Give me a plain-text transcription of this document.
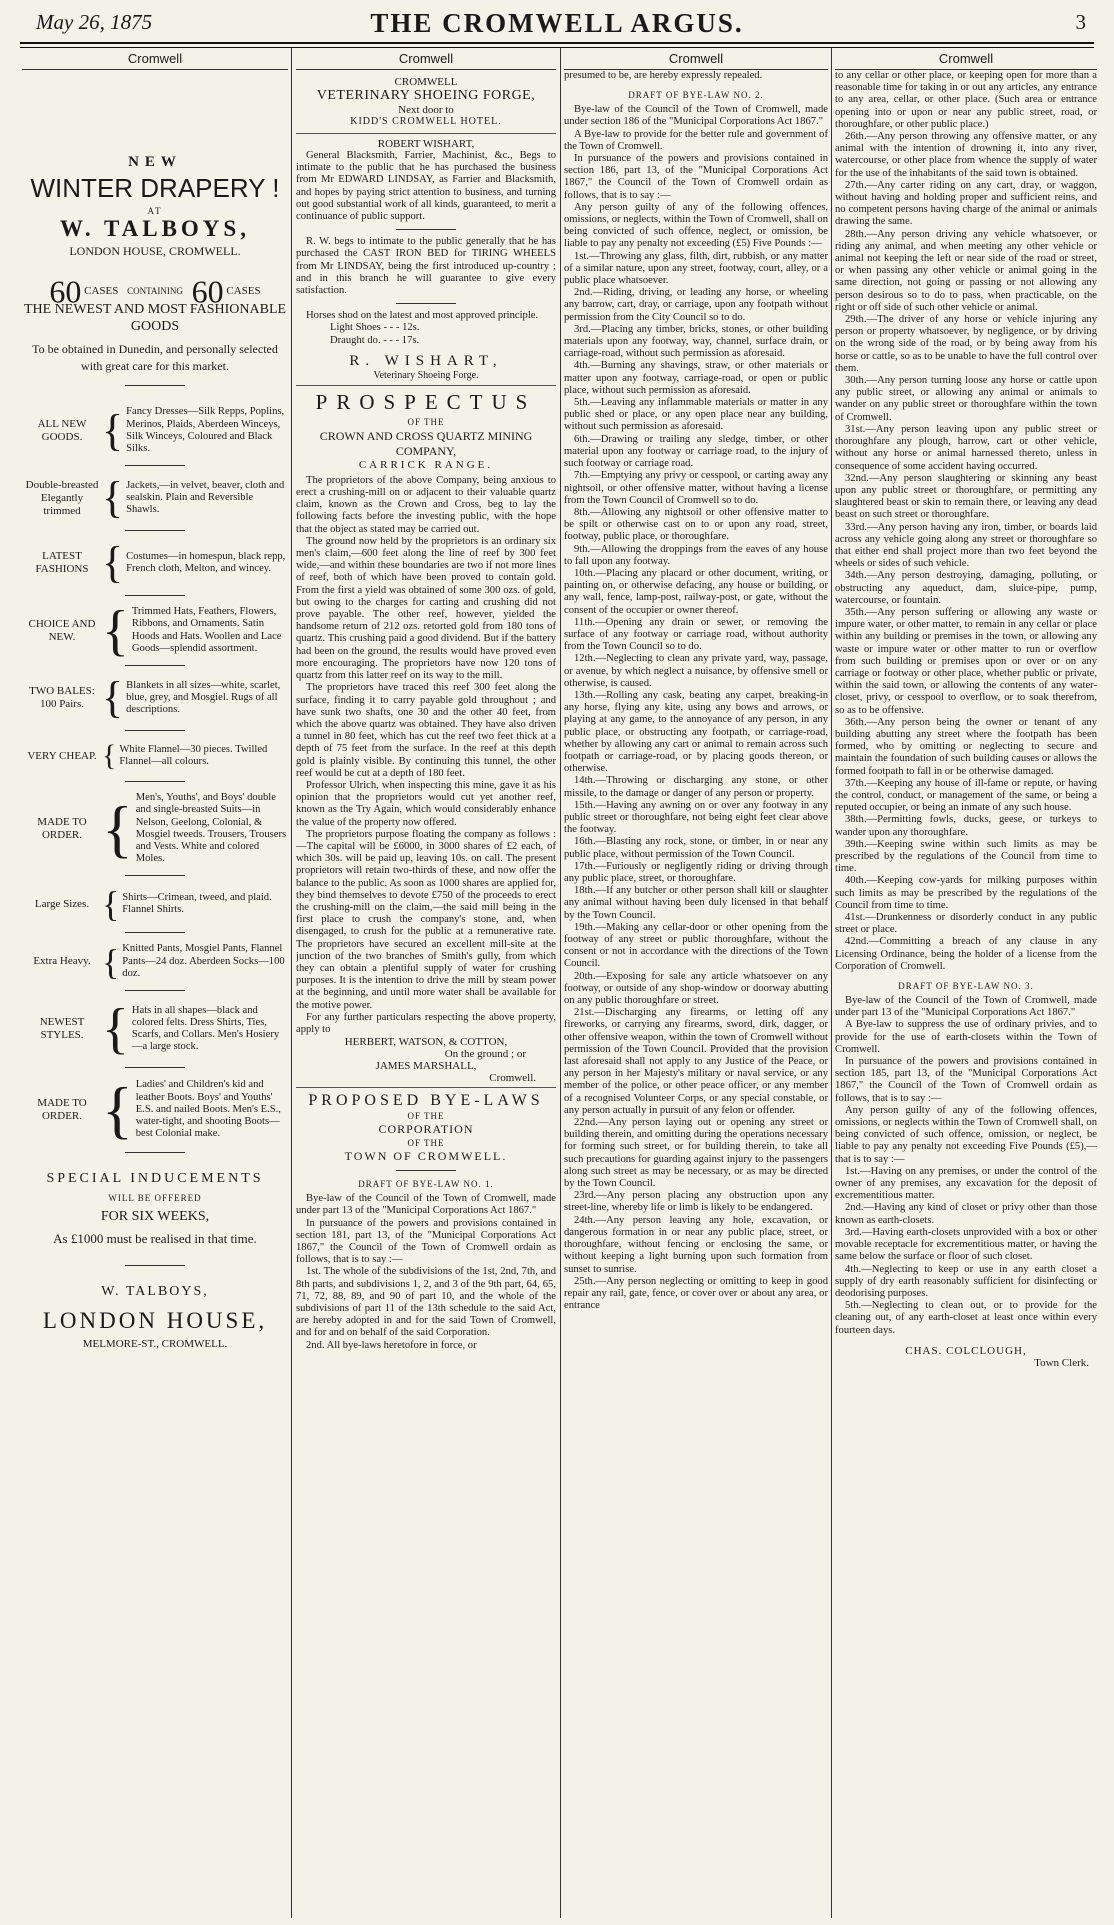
May 26, 1875	THE CROMWELL ARGUS.	3
Cromwell
NEW
WINTER DRAPERY !
AT
W. TALBOYS,
LONDON HOUSE, CROMWELL.
60 CASES CONTAINING 60 CASES
THE NEWEST AND MOST FASHIONABLE GOODS
To be obtained in Dunedin, and personally selected with great care for this market.
ALL NEW GOODS. { Fancy Dresses—Silk Repps, Poplins, Merinos, Plaids, Aberdeen Winceys, Silk Winceys, Coloured and Black Silks.
Double-breasted Elegantly trimmed { Jackets,—in velvet, beaver, cloth and sealskin. Plain and Reversible Shawls.
LATEST FASHIONS { Costumes—in homespun, black repp, French cloth, Melton, and wincey.
CHOICE AND NEW. { Trimmed Hats, Feathers, Flowers, Ribbons, and Ornaments. Satin Hoods and Hats. Woollen and Lace Goods—splendid assortment.
TWO BALES: 100 Pairs. { Blankets in all sizes—white, scarlet, blue, grey, and Mosgiel. Rugs of all descriptions.
VERY CHEAP. { White Flannel—30 pieces. Twilled Flannel—all colours.
MADE TO ORDER. { Men's, Youths', and Boys' double and single-breasted Suits—in Nelson, Geelong, Colonial, & Mosgiel tweeds. Trousers, Trousers and Vests. White and colored Moles.
Large Sizes. { Shirts—Crimean, tweed, and plaid. Flannel Shirts.
Extra Heavy. { Knitted Pants, Mosgiel Pants, Flannel Pants—24 doz. Aberdeen Socks—100 doz.
NEWEST STYLES. { Hats in all shapes—black and colored felts. Dress Shirts, Ties, Scarfs, and Collars. Men's Hosiery—a large stock.
MADE TO ORDER. { Ladies' and Children's kid and leather Boots. Boys' and Youths' E.S. and nailed Boots. Men's E.S., water-tight, and shooting Boots—best Colonial make.
SPECIAL INDUCEMENTS
WILL BE OFFERED
FOR SIX WEEKS,
As £1000 must be realised in that time.
W. TALBOYS,
LONDON HOUSE,
MELMORE-ST., CROMWELL.
Cromwell
CROMWELL
VETERINARY SHOEING FORGE,
Next door to
KIDD'S CROMWELL HOTEL.
ROBERT WISHART,

General Blacksmith, Farrier, Machinist, &c., Begs to intimate to the public that he has purchased the business from Mr EDWARD LINDSAY, as Farrier and Blacksmith, and hopes by paying strict attention to business, and turning out good substantial work of all kinds, guaranteed, to merit a continuance of public support.

R. W. begs to intimate to the public generally that he has purchased the CAST IRON BED for TIRING WHEELS from Mr LINDSAY, being the first introduced up-country ; and in this branch he will guarantee to give every satisfaction.

Horses shod on the latest and most approved principle.

Light Shoes - - - 12s.

Draught do. - - - 17s.

R. WISHART,
Veterinary Shoeing Forge.
PROSPECTUS
OF THE
CROWN AND CROSS QUARTZ MINING COMPANY,
CARRICK RANGE.

The proprietors of the above Company, being anxious to erect a crushing-mill on or adjacent to their valuable quartz claim, known as the Crown and Cross, beg to lay the following facts before the investing public, with the hope that the object as stated may be carried out.

The ground now held by the proprietors is an ordinary six men's claim,—600 feet along the line of reef by 300 feet wide,—and within these boundaries are two if not more lines of reef, both of which have been proved to contain gold. From the first a yield was obtained of some 300 ozs. of gold, but owing to the charges for carting and crushing did not prove payable. The other reef, however, yielded the handsome return of 212 ozs. retorted gold from 180 tons of quartz. This crushing paid a good dividend. But if the battery had been on the ground, the results would have proved even more encouraging. The proprietors have now 120 tons of quartz from this latter reef on its way to the mill.

The proprietors have traced this reef 300 feet along the surface, finding it to carry payable gold throughout ; and have sunk two shafts, one 30 and the other 40 feet, from which the above quartz was obtained. They have also driven a tunnel in 80 feet, which has cut the reef two feet thick at a depth of 75 feet from the surface. In the reef at this depth gold is plainly visible. By continuing this tunnel, the other reef would be cut at a depth of 180 feet.

Professor Ulrich, when inspecting this mine, gave it as his opinion that the proprietors would cut yet another reef, known as the Try Again, which would considerably enhance the value of the property now offered.

The proprietors purpose floating the company as follows :—The capital will be £6000, in 3000 shares of £2 each, of which 30s. will be paid up, leaving 10s. on call. The present proprietors will retain two-thirds of these, and now offer the balance to the public. As soon as 1000 shares are applied for, they bind themselves to devote £750 of the proceeds to erect the crushing-mill on the claim,—the said mill being in the first place to crush the company's stone, and, when disengaged, to crush for the public at a remunerative rate. The proprietors have secured an excellent mill-site at the junction of the two branches of Smith's gully, from which they can obtain a plentiful supply of water for crushing purposes. It is the intention to drive the mill by steam power at the beginning, and until more water shall be available for the motive power.

For any further particulars respecting the above property, apply to

HERBERT, WATSON, & COTTON,
On the ground ; or
JAMES MARSHALL,
Cromwell.
PROPOSED BYE-LAWS
OF THE
CORPORATION
OF THE
TOWN OF CROMWELL.
DRAFT OF BYE-LAW NO. 1.

Bye-law of the Council of the Town of Cromwell, made under part 13 of the "Municipal Corporations Act 1867."

In pursuance of the powers and provisions contained in section 181, part 13, of the "Municipal Corporations Act 1867," the Council of the Town of Cromwell ordain as follows, that is to say :—

1st. The whole of the subdivisions of the 1st, 2nd, 7th, and 8th parts, and subdivisions 1, 2, and 3 of the 9th part, 64, 65, 71, 72, 88, 89, and 90 of part 10, and the whole of the subdivisions of part 11 of the 13th schedule to the said Act, are hereby adopted in and for the said Town of Cromwell, and for and on behalf of the said Corporation.

2nd. All bye-laws heretofore in force, or

Cromwell

presumed to be, are hereby expressly repealed.

DRAFT OF BYE-LAW NO. 2.

Bye-law of the Council of the Town of Cromwell, made under section 186 of the "Municipal Corporations Act 1867."

A Bye-law to provide for the better rule and government of the Town of Cromwell.

In pursuance of the powers and provisions contained in section 186, part 13, of the "Municipal Corporations Act 1867," the Council of the Town of Cromwell ordain as follows, that is to say :—

Any person guilty of any of the following offences, omissions, or neglects, within the Town of Cromwell, shall on being convicted of such offence, neglect, or omission, be liable to pay any penalty not exceeding (£5) Five Pounds :—

1st.—Throwing any glass, filth, dirt, rubbish, or any matter of a similar nature, upon any street, footway, court, alley, or a public place whatsoever.

2nd.—Riding, driving, or leading any horse, or wheeling any barrow, cart, dray, or carriage, upon any footpath without permission from the City Council so to do.

3rd.—Placing any timber, bricks, stones, or other building materials upon any footway, way, channel, surface drain, or carriage-road, without such permission as aforesaid.

4th.—Burning any shavings, straw, or other materials or matter upon any footway, carriage-road, or open or public place, without such permission as aforesaid.

5th.—Leaving any inflammable materials or matter in any public shed or place, or any open place near any building, without such permission as aforesaid.

6th.—Drawing or trailing any sledge, timber, or other material upon any footway or carriage road, to the injury of such footway or carriage road.

7th.—Emptying any privy or cesspool, or carting away any nightsoil, or other offensive matter, without having a license from the Town Council of Cromwell so to do.

8th.—Allowing any nightsoil or other offensive matter to be spilt or otherwise cast on to or upon any road, street, footway, public place, or thoroughfare.

9th.—Allowing the droppings from the eaves of any house to fall upon any footway.

10th.—Placing any placard or other document, writing, or painting on, or otherwise defacing, any house or building, or any wall, fence, lamp-post, railway-post, or gate, without the consent of the occupier or owner thereof.

11th.—Opening any drain or sewer, or removing the surface of any footway or carriage road, without authority from the Town Council so to do.

12th.—Neglecting to clean any private yard, way, passage, or avenue, by which neglect a nuisance, by offensive smell or otherwise, is caused.

13th.—Rolling any cask, beating any carpet, breaking-in any horse, flying any kite, using any bows and arrows, or playing at any game, to the annoyance of any person, in any public place, or obstructing any footpath, or carriage-road, whether by allowing any cart or animal to remain across such footpath or carriage-road, or by placing goods thereon, or otherwise.

14th.—Throwing or discharging any stone, or other missile, to the damage or danger of any person or property.

15th.—Having any awning on or over any footway in any public street or thoroughfare, not being eight feet clear above the footway.

16th.—Blasting any rock, stone, or timber, in or near any public place, without permission of the Town Council.

17th.—Furiously or negligently riding or driving through any public place, street, or thoroughfare.

18th.—If any butcher or other person shall kill or slaughter any animal without having been duly licensed in that behalf by the Town Council.

19th.—Making any cellar-door or other opening from the footway of any street or public thoroughfare, without the consent or not in accordance with the directions of the Town Council.

20th.—Exposing for sale any article whatsoever on any footway, or outside of any shop-window or doorway abutting on any public thoroughfare or street.

21st.—Discharging any firearms, or letting off any fireworks, or carrying any firearms, sword, dirk, dagger, or other offensive weapon, within the town of Cromwell without permission of the Town Council. Provided that the provision last aforesaid shall not apply to any Justice of the Peace, or any person in her Majesty's military or naval service, or any member of the police, or other peace officer, or any member of a recognised Volunteer Corps, or any special constable, or any person actually in pursuit of any felon or offender.

22nd.—Any person laying out or opening any street or building therein, and omitting during the operations necessary for forming such street, or for building therein, to take all such precautions for guarding against injury to the passengers along such street as may be necessary, or as may be directed by the Town Council.

23rd.—Any person placing any obstruction upon any street-line, whereby life or limb is likely to be endangered.

24th.—Any person leaving any hole, excavation, or dangerous formation in or near any public place, street, or thoroughfare, without fencing or enclosing the same, or without keeping a light burning upon such formation from sunset to sunrise.

25th.—Any person neglecting or omitting to keep in good repair any rail, gate, fence, or cover over or about any area, or entrance

Cromwell

to any cellar or other place, or keeping open for more than a reasonable time for taking in or out any articles, any entrance to any area, cellar, or other place. (Such area or entrance opening into or upon or near any public street, road, or thoroughfare, or other public place.)

26th.—Any person throwing any offensive matter, or any animal with the intention of drowning it, into any river, watercourse, or other place from whence the supply of water for the use of the inhabitants of the said town is obtained.

27th.—Any carter riding on any cart, dray, or waggon, without having and holding proper and sufficient reins, and no competent persons having charge of the animal or animals drawing the same.

28th.—Any person driving any vehicle whatsoever, or riding any animal, and when meeting any other vehicle or animal not keeping the left or near side of the road or street, or when passing any other vehicle or animal going in the same direction, not going or passing or not allowing any person desirous so to do to pass, when practicable, on the right or off side of such other vehicle or animal.

29th.—The driver of any horse or vehicle injuring any person or property whatsoever, by negligence, or by driving on the wrong side of the road, or by being away from his horse or cattle, so as to be unable to have the full control over them.

30th.—Any person turning loose any horse or cattle upon any public street, or allowing any animal or animals to wander on any public street or thoroughfare within the town of Cromwell.

31st.—Any person leaving upon any public street or thoroughfare any plough, harrow, cart or other vehicle, without any horse or animal harnessed thereto, unless in consequence of some accident having occurred.

32nd.—Any person slaughtering or skinning any beast upon any public street or thoroughfare, or permitting any slaughtered beast or skin to remain there, or leaving any dead beast on such street or thoroughfare.

33rd.—Any person having any iron, timber, or boards laid across any vehicle going along any street or thoroughfare so that either end shall project more than two feet beyond the wheels or sides of such vehicle.

34th.—Any person destroying, damaging, polluting, or obstructing any aqueduct, dam, sluice-pipe, pump, watercourse, or fountain.

35th.—Any person suffering or allowing any waste or impure water, or other matter, to remain in any cellar or place within any building or premises in the town, or allowing any waste or impure water or other matter to run or overflow from such building or premises upon or over or on any carriage or footway or other place, whether public or private, within the said town, or allowing the contents of any water-closet, privy, or cesspool to overflow, or to soak therefrom, so as to be offensive.

36th.—Any person being the owner or tenant of any building abutting any street where the footpath has been formed, who by omitting or neglecting to secure and maintain the foundation of such building causes or allows the formed footpath to fall in or be otherwise damaged.

37th.—Keeping any house of ill-fame or repute, or having the control, conduct, or management of the same, or being a reputed occupier, or being an inmate of any such house.

38th.—Permitting fowls, ducks, geese, or turkeys to wander upon any thoroughfare.

39th.—Keeping swine within such limits as may be prescribed by the regulations of the Council from time to time.

40th.—Keeping cow-yards for milking purposes within such limits as may be prescribed by the regulations of the Council from time to time.

41st.—Drunkenness or disorderly conduct in any public street or place.

42nd.—Committing a breach of any clause in any Licensing Ordinance, being the holder of a license from the Corporation of Cromwell.

DRAFT OF BYE-LAW NO. 3.

Bye-law of the Council of the Town of Cromwell, made under part 13 of the "Municipal Corporations Act 1867."

A Bye-law to suppress the use of ordinary privies, and to provide for the use of earth-closets within the Town of Cromwell.

In pursuance of the powers and provisions contained in section 185, part 13, of the "Municipal Corporations Act 1867," the Council of the Town of Cromwell ordain as follows, that is to say :—

Any person guilty of any of the following offences, omissions, or neglects within the Town of Cromwell shall, on being convicted of such offence, omission, or neglect, be liable to pay any penalty not exceeding Five Pounds (£5),—that is to say :—

1st.—Having on any premises, or under the control of the owner of any premises, any excavation for the deposit of excrementitious matter.

2nd.—Having any kind of closet or privy other than those known as earth-closets.

3rd.—Having earth-closets unprovided with a box or other movable receptacle for excrementitious matter, or having the same below the surface or floor of such closet.

4th.—Neglecting to keep or use in any earth closet a supply of dry earth reasonably sufficient for disinfecting or deodorising purposes.

5th.—Neglecting to clean out, or to provide for the cleaning out, of any earth-closet at least once within every fourteen days.

CHAS. COLCLOUGH,
Town Clerk.
